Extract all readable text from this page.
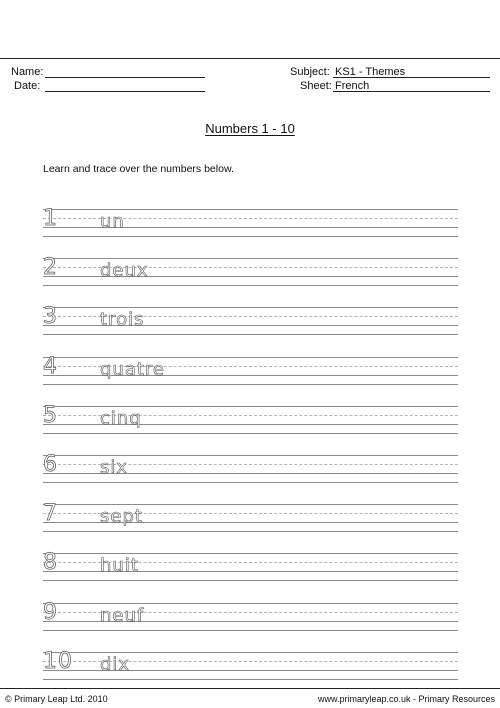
Name:
Date:
Subject: KS1 - Themes
Sheet: French
Numbers 1 - 10
Learn and trace over the numbers below.
1 un
2 deux
3 trois
4 quatre
5 cinq
6 six
7 sept
8 huit
9 neuf
10 dix
© Primary Leap Ltd. 2010	www.primaryleap.co.uk - Primary Resources
